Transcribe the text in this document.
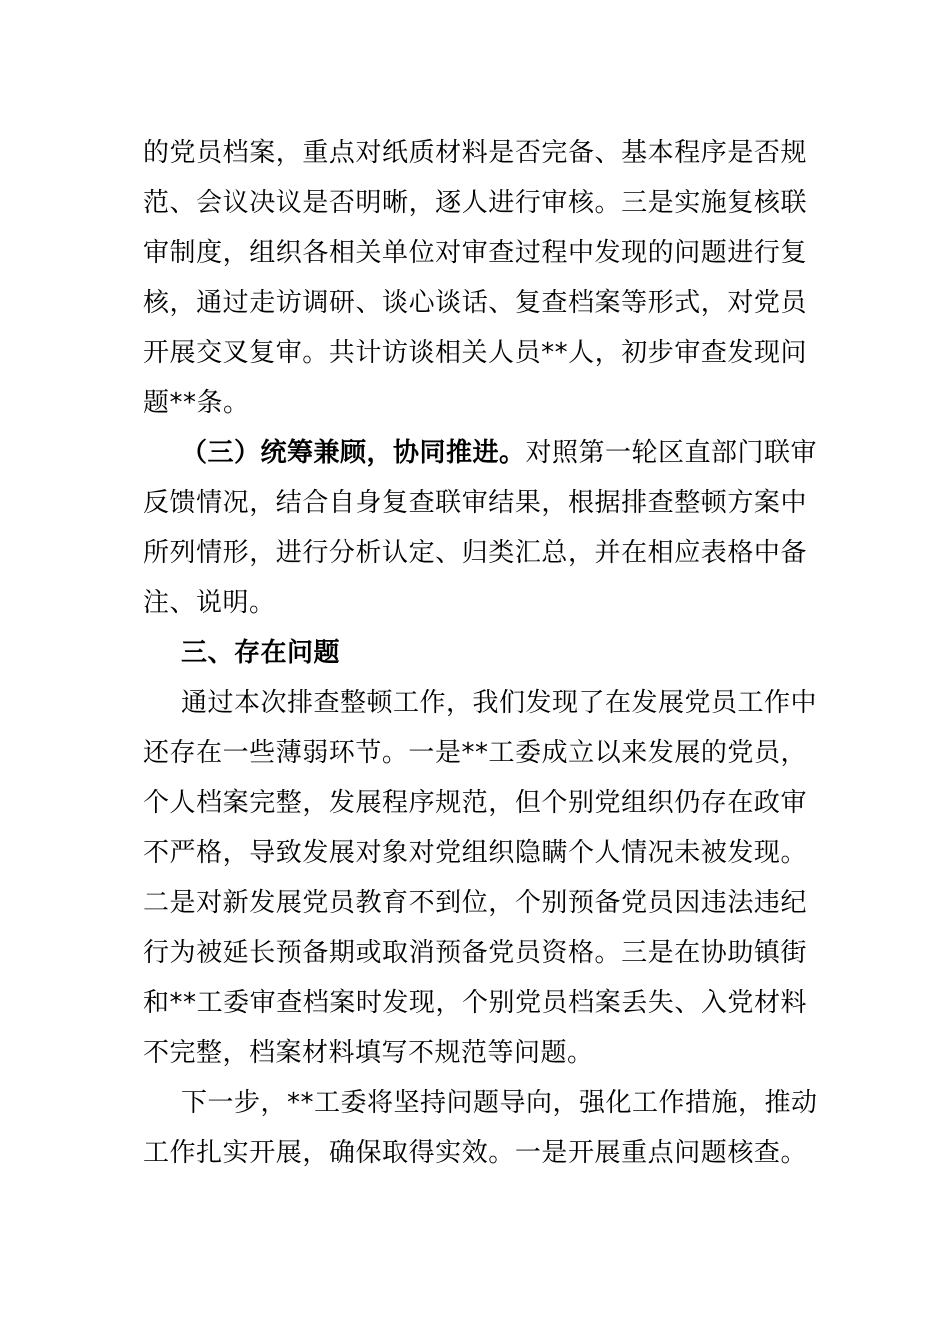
的党员档案，重点对纸质材料是否完备、基本程序是否规
范、会议决议是否明晰，逐人进行审核。三是实施复核联
审制度，组织各相关单位对审查过程中发现的问题进行复
核，通过走访调研、谈心谈话、复查档案等形式，对党员
开展交叉复审。共计访谈相关人员**人，初步审查发现问
题**条。
（三）统筹兼顾，协同推进。对照第一轮区直部门联审
反馈情况，结合自身复查联审结果，根据排查整顿方案中
所列情形，进行分析认定、归类汇总，并在相应表格中备
注、说明。
三、存在问题
通过本次排查整顿工作，我们发现了在发展党员工作中
还存在一些薄弱环节。一是**工委成立以来发展的党员，
个人档案完整，发展程序规范，但个别党组织仍存在政审
不严格，导致发展对象对党组织隐瞒个人情况未被发现。
二是对新发展党员教育不到位，个别预备党员因违法违纪
行为被延长预备期或取消预备党员资格。三是在协助镇街
和**工委审查档案时发现，个别党员档案丢失、入党材料
不完整，档案材料填写不规范等问题。
下一步，**工委将坚持问题导向，强化工作措施，推动
工作扎实开展，确保取得实效。一是开展重点问题核查。
